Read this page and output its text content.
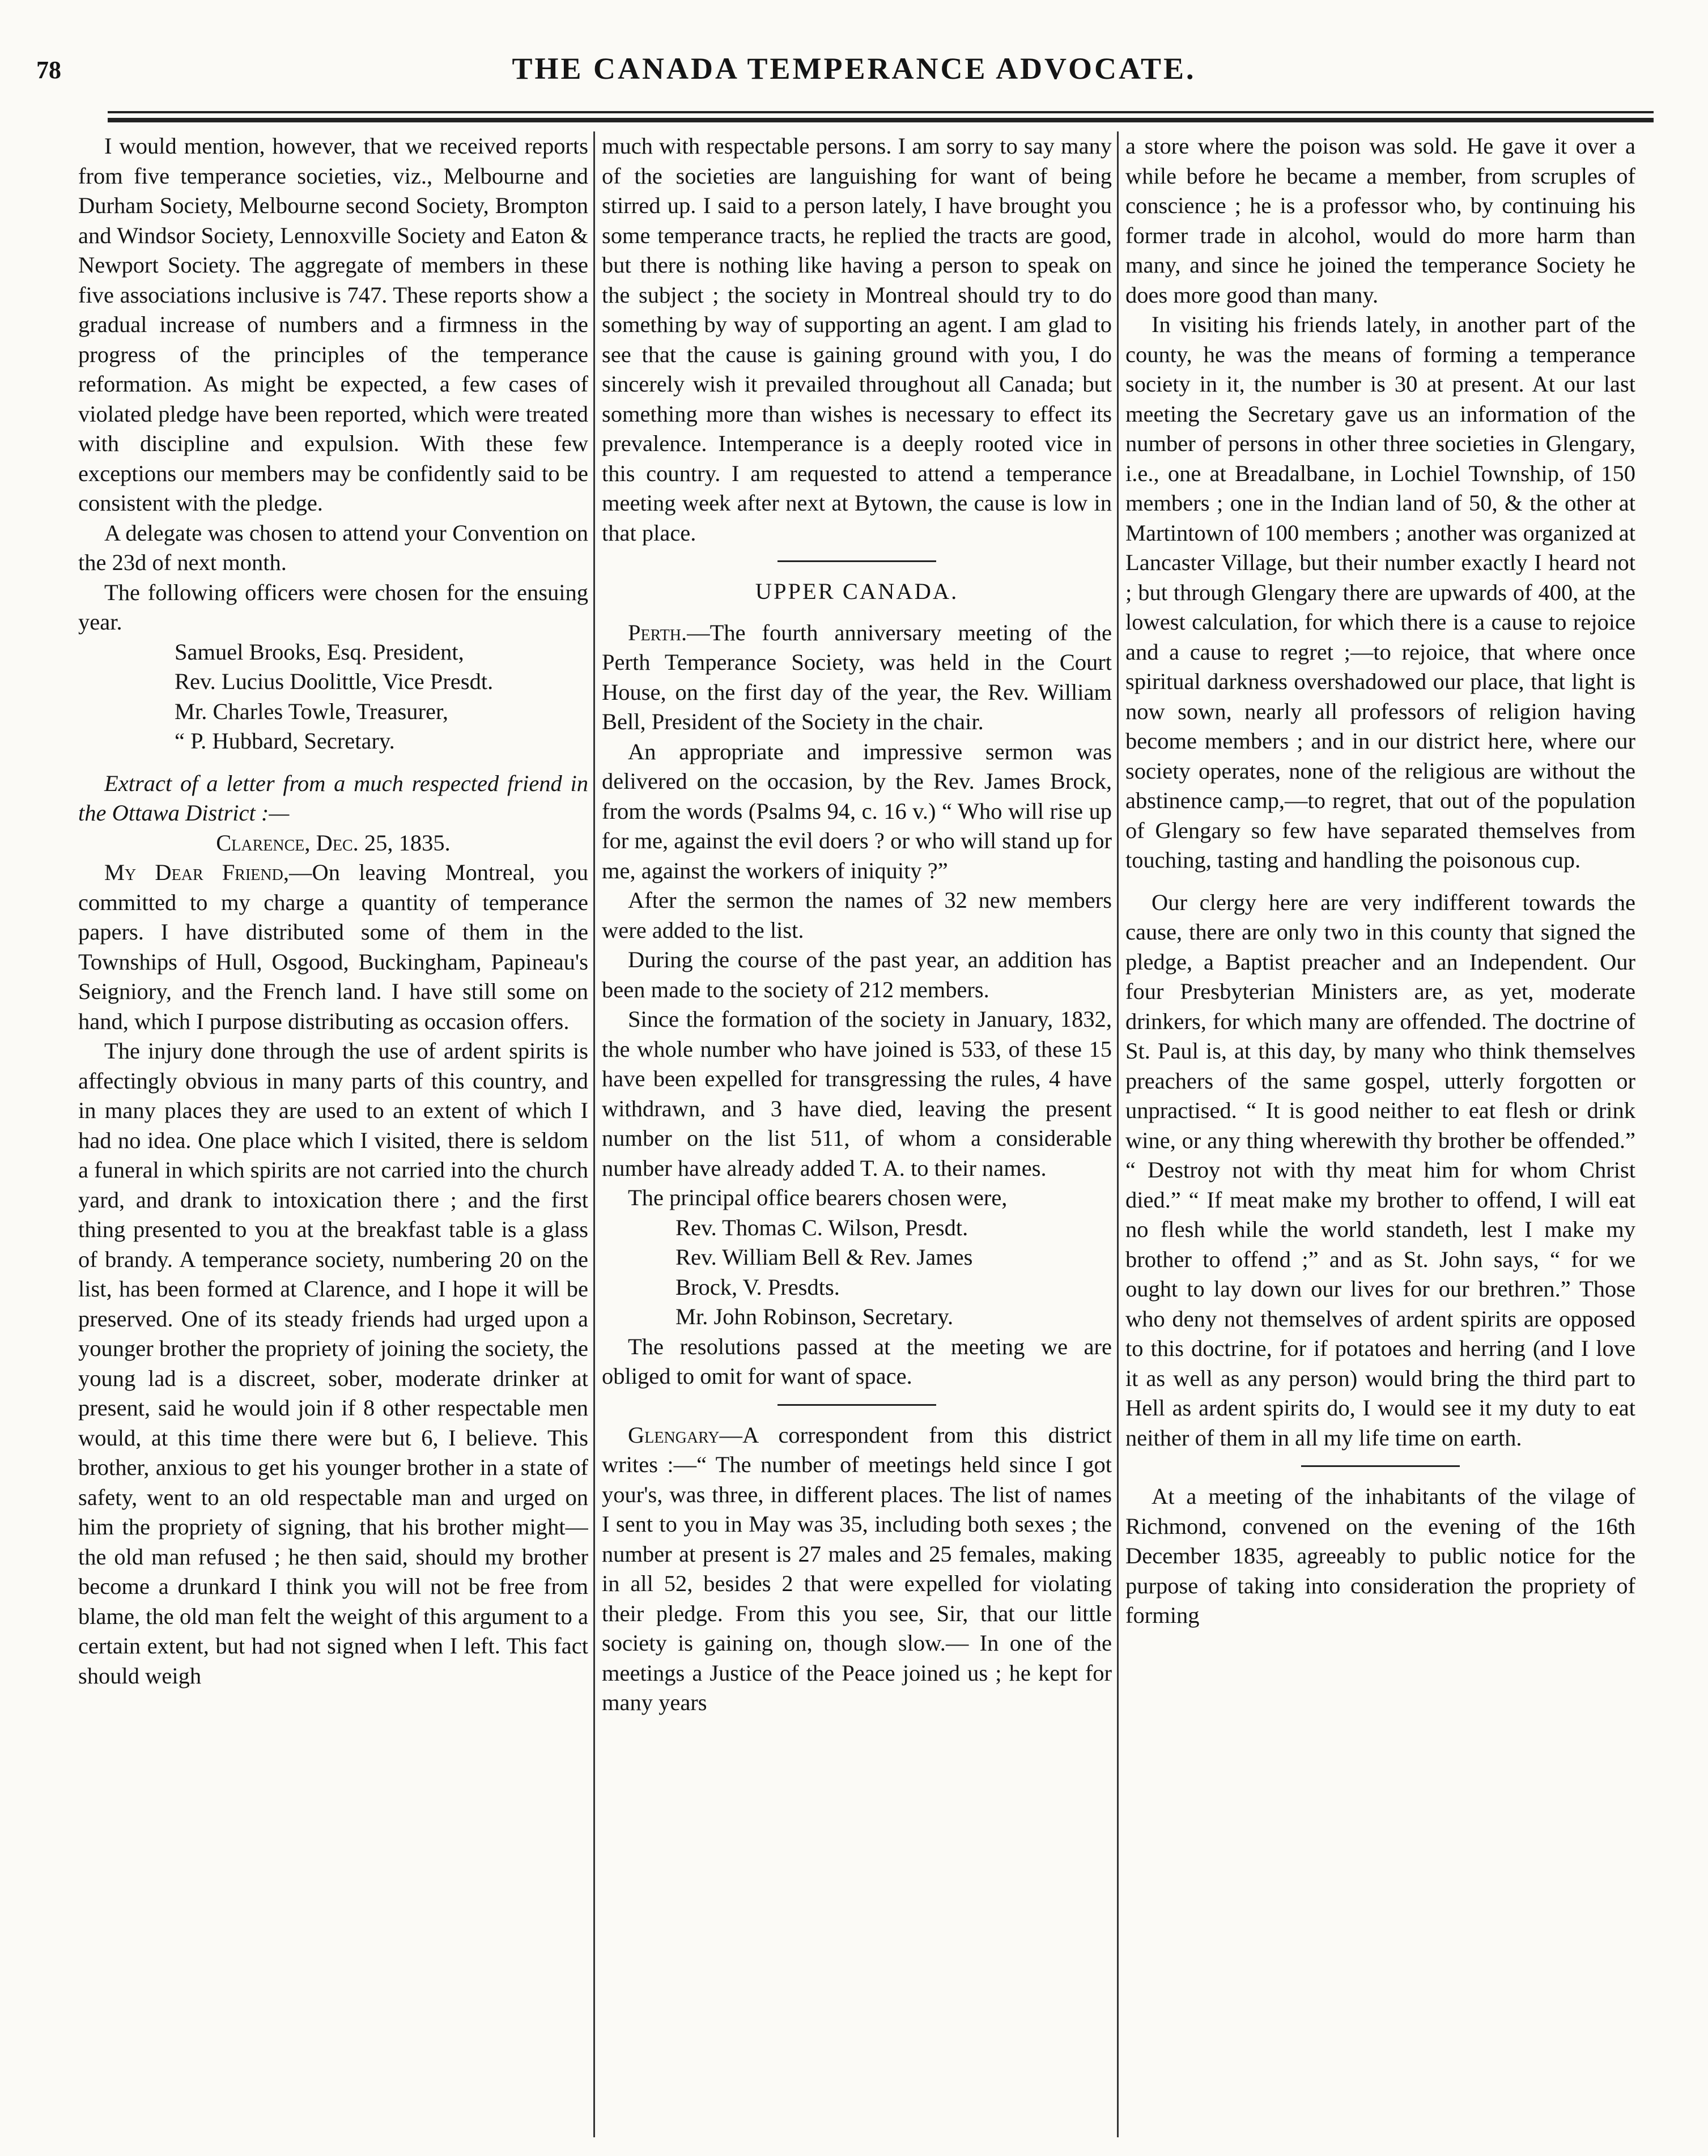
78	THE CANADA TEMPERANCE ADVOCATE.

I would mention, however, that we received reports from five temperance societies, viz., Melbourne and Durham Society, Melbourne second Society, Brompton and Windsor Society, Lennoxville Society and Eaton & Newport Society. The aggregate of members in these five associations inclusive is 747. These reports show a gradual increase of numbers and a firmness in the progress of the principles of the temperance reformation. As might be expected, a few cases of violated pledge have been reported, which were treated with discipline and expulsion. With these few exceptions our members may be confidently said to be consistent with the pledge.

A delegate was chosen to attend your Convention on the 23d of next month.

The following officers were chosen for the ensuing year.

Samuel Brooks, Esq. President,

Rev. Lucius Doolittle, Vice Presdt.

Mr. Charles Towle, Treasurer,

“ P. Hubbard, Secretary.

Extract of a letter from a much respected friend in the Ottawa District :—

Clarence, Dec. 25, 1835.

My Dear Friend,—On leaving Montreal, you committed to my charge a quantity of temperance papers. I have distributed some of them in the Townships of Hull, Osgood, Buckingham, Papineau's Seigniory, and the French land. I have still some on hand, which I purpose distributing as occasion offers.

The injury done through the use of ardent spirits is affectingly obvious in many parts of this country, and in many places they are used to an extent of which I had no idea. One place which I visited, there is seldom a funeral in which spirits are not carried into the church yard, and drank to intoxication there ; and the first thing presented to you at the breakfast table is a glass of brandy. A temperance society, numbering 20 on the list, has been formed at Clarence, and I hope it will be preserved. One of its steady friends had urged upon a younger brother the propriety of joining the society, the young lad is a discreet, sober, moderate drinker at present, said he would join if 8 other respectable men would, at this time there were but 6, I believe. This brother, anxious to get his younger brother in a state of safety, went to an old respectable man and urged on him the propriety of signing, that his brother might—the old man refused ; he then said, should my brother become a drunkard I think you will not be free from blame, the old man felt the weight of this argument to a certain extent, but had not signed when I left. This fact should weigh

much with respectable persons. I am sorry to say many of the societies are languishing for want of being stirred up. I said to a person lately, I have brought you some temperance tracts, he replied the tracts are good, but there is nothing like having a person to speak on the subject ; the society in Montreal should try to do something by way of supporting an agent. I am glad to see that the cause is gaining ground with you, I do sincerely wish it prevailed throughout all Canada; but something more than wishes is necessary to effect its prevalence. Intemperance is a deeply rooted vice in this country. I am requested to attend a temperance meeting week after next at Bytown, the cause is low in that place.

UPPER CANADA.

Perth.—The fourth anniversary meeting of the Perth Temperance Society, was held in the Court House, on the first day of the year, the Rev. William Bell, President of the Society in the chair.

An appropriate and impressive sermon was delivered on the occasion, by the Rev. James Brock, from the words (Psalms 94, c. 16 v.) “ Who will rise up for me, against the evil doers ? or who will stand up for me, against the workers of iniquity ?”

After the sermon the names of 32 new members were added to the list.

During the course of the past year, an addition has been made to the society of 212 members.

Since the formation of the society in January, 1832, the whole number who have joined is 533, of these 15 have been expelled for transgressing the rules, 4 have withdrawn, and 3 have died, leaving the present number on the list 511, of whom a considerable number have already added T. A. to their names.

The principal office bearers chosen were,

Rev. Thomas C. Wilson, Presdt.

Rev. William Bell & Rev. James

Brock, V. Presdts.

Mr. John Robinson, Secretary.

The resolutions passed at the meeting we are obliged to omit for want of space.

Glengary—A correspondent from this district writes :—“ The number of meetings held since I got your's, was three, in different places. The list of names I sent to you in May was 35, including both sexes ; the number at present is 27 males and 25 females, making in all 52, besides 2 that were expelled for violating their pledge. From this you see, Sir, that our little society is gaining on, though slow.— In one of the meetings a Justice of the Peace joined us ; he kept for many years

a store where the poison was sold. He gave it over a while before he became a member, from scruples of conscience ; he is a professor who, by continuing his former trade in alcohol, would do more harm than many, and since he joined the temperance Society he does more good than many.

In visiting his friends lately, in another part of the county, he was the means of forming a temperance society in it, the number is 30 at present. At our last meeting the Secretary gave us an information of the number of persons in other three societies in Glengary, i.e., one at Breadalbane, in Lochiel Township, of 150 members ; one in the Indian land of 50, & the other at Martintown of 100 members ; another was organized at Lancaster Village, but their number exactly I heard not ; but through Glengary there are upwards of 400, at the lowest calculation, for which there is a cause to rejoice and a cause to regret ;—to rejoice, that where once spiritual darkness overshadowed our place, that light is now sown, nearly all professors of religion having become members ; and in our district here, where our society operates, none of the religious are without the abstinence camp,—to regret, that out of the population of Glengary so few have separated themselves from touching, tasting and handling the poisonous cup.

Our clergy here are very indifferent towards the cause, there are only two in this county that signed the pledge, a Baptist preacher and an Independent. Our four Presbyterian Ministers are, as yet, moderate drinkers, for which many are offended. The doctrine of St. Paul is, at this day, by many who think themselves preachers of the same gospel, utterly forgotten or unpractised. “ It is good neither to eat flesh or drink wine, or any thing wherewith thy brother be offended.” “ Destroy not with thy meat him for whom Christ died.” “ If meat make my brother to offend, I will eat no flesh while the world standeth, lest I make my brother to offend ;” and as St. John says, “ for we ought to lay down our lives for our brethren.” Those who deny not themselves of ardent spirits are opposed to this doctrine, for if potatoes and herring (and I love it as well as any person) would bring the third part to Hell as ardent spirits do, I would see it my duty to eat neither of them in all my life time on earth.

At a meeting of the inhabitants of the vilage of Richmond, convened on the evening of the 16th December 1835, agreeably to public notice for the purpose of taking into consideration the propriety of forming
